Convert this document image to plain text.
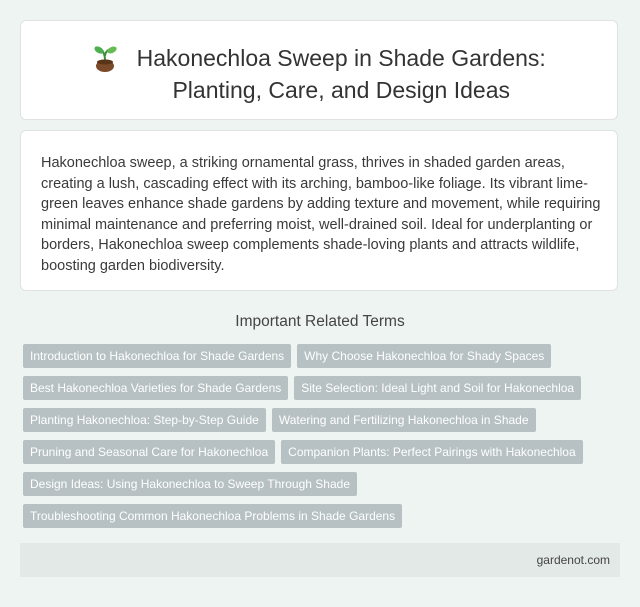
Hakonechloa Sweep in Shade Gardens:
Planting, Care, and Design Ideas

Hakonechloa sweep, a striking ornamental grass, thrives in shaded garden areas, creating a lush, cascading effect with its arching, bamboo-like foliage. Its vibrant lime-green leaves enhance shade gardens by adding texture and movement, while requiring minimal maintenance and preferring moist, well-drained soil. Ideal for underplanting or borders, Hakonechloa sweep complements shade-loving plants and attracts wildlife, boosting garden biodiversity.

Important Related Terms
Introduction to Hakonechloa for Shade Gardens Why Choose Hakonechloa for Shady Spaces
Best Hakonechloa Varieties for Shade Gardens Site Selection: Ideal Light and Soil for Hakonechloa
Planting Hakonechloa: Step-by-Step Guide Watering and Fertilizing Hakonechloa in Shade
Pruning and Seasonal Care for Hakonechloa Companion Plants: Perfect Pairings with Hakonechloa
Design Ideas: Using Hakonechloa to Sweep Through Shade
Troubleshooting Common Hakonechloa Problems in Shade Gardens
gardenot.com
